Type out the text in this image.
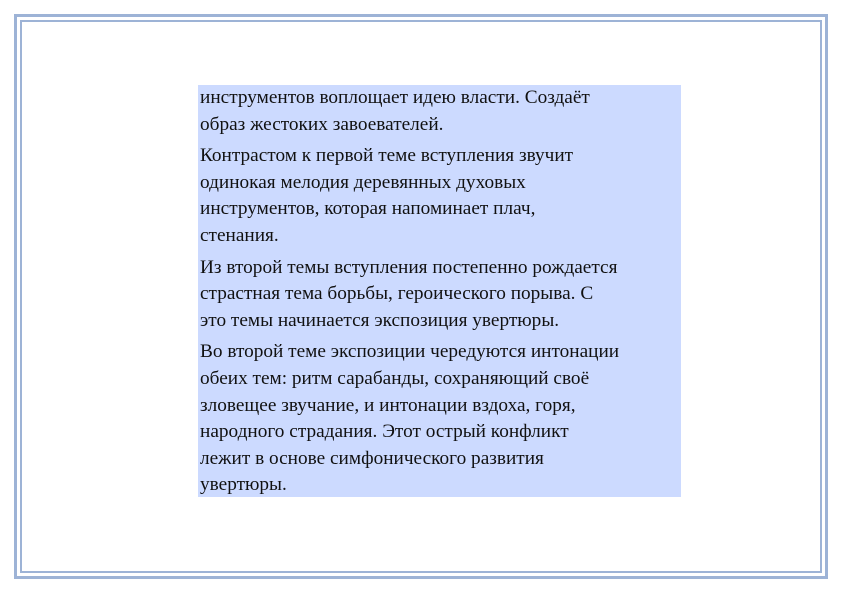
инструментов воплощает идею власти. Создаёт
образ жестоких завоевателей.

Контрастом к первой теме вступления звучит
одинокая мелодия деревянных духовых
инструментов, которая напоминает плач,
стенания.

Из второй темы вступления постепенно рождается
страстная тема борьбы, героического порыва. С
это темы начинается экспозиция увертюры.

Во второй теме экспозиции чередуются интонации
обеих тем: ритм сарабанды, сохраняющий своё
зловещее звучание, и интонации вздоха, горя,
народного страдания. Этот острый конфликт
лежит в основе симфонического развития
увертюры.
